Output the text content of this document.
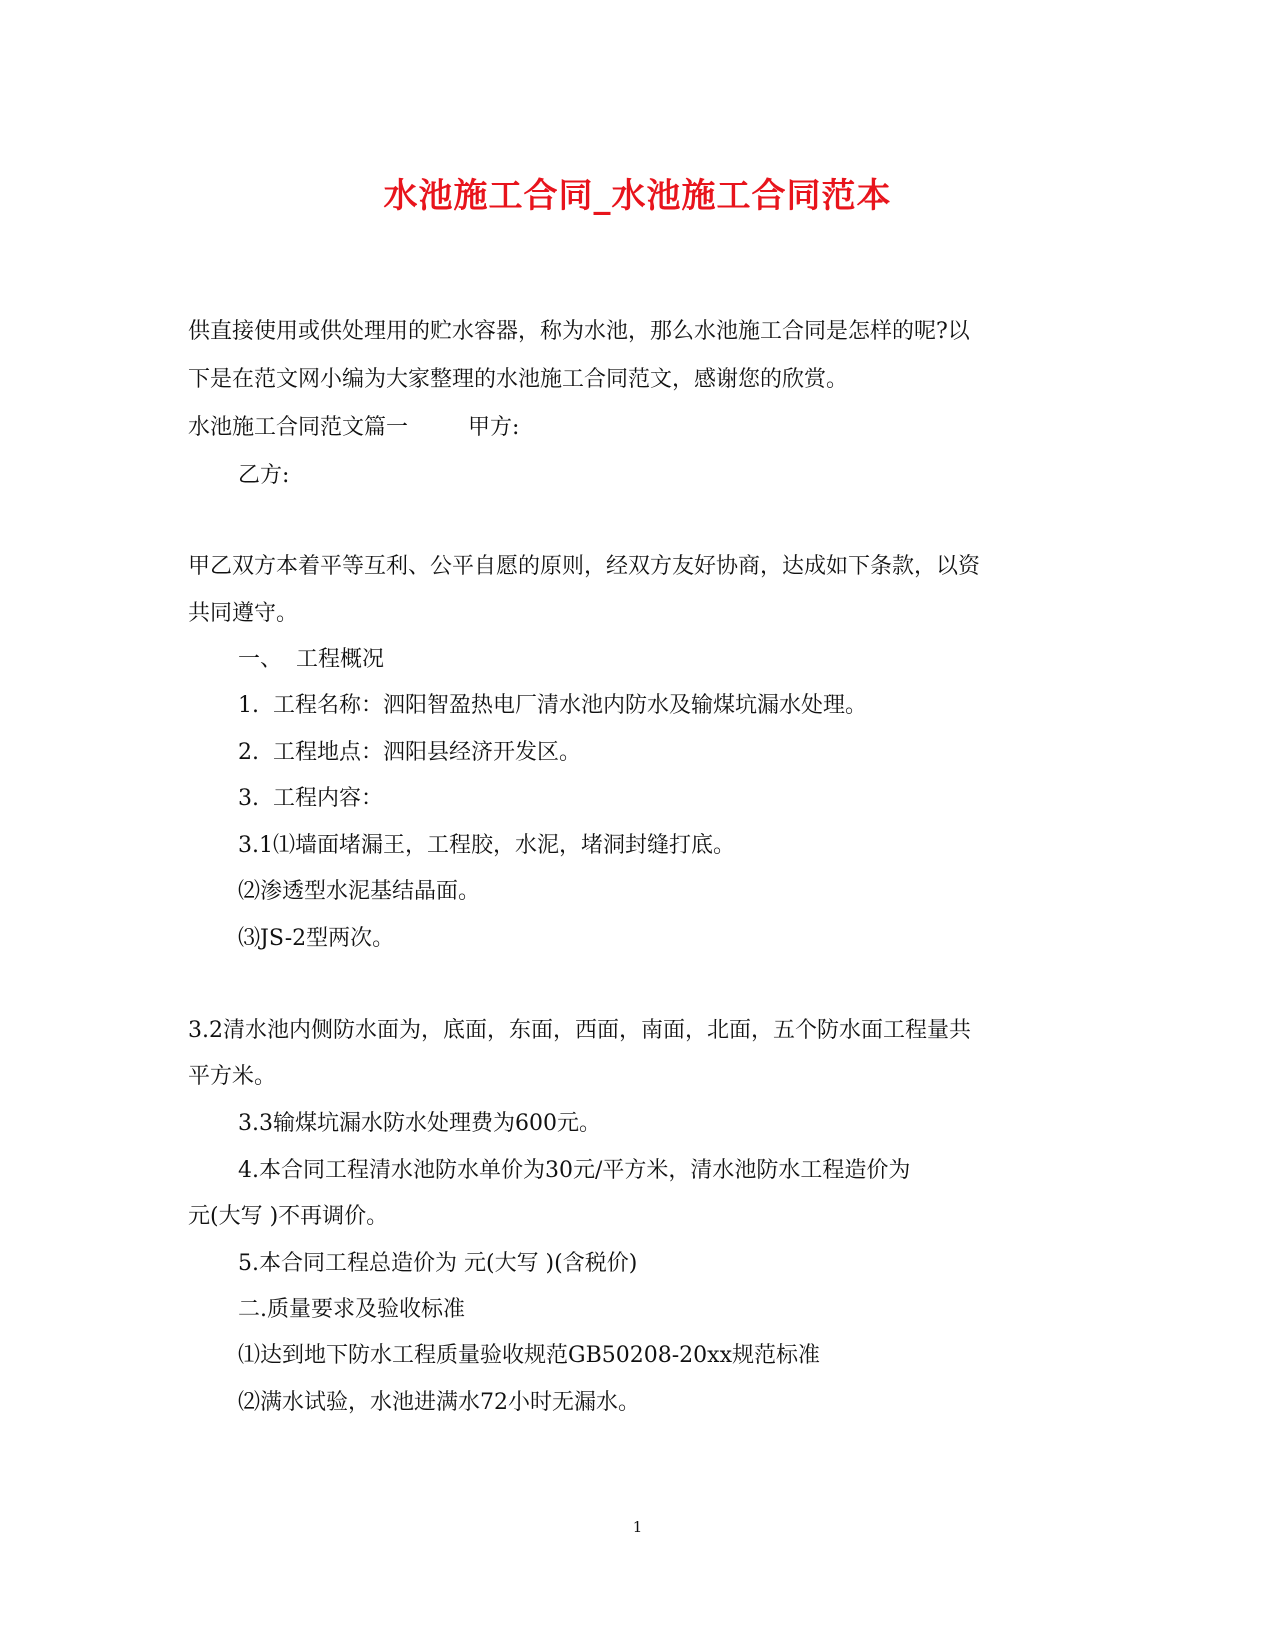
水池施工合同_水池施工合同范本
供直接使用或供处理用的贮水容器，称为水池，那么水池施工合同是怎样的呢?以
下是在范文网小编为大家整理的水池施工合同范文，感谢您的欣赏。
水池施工合同范文篇一	甲方:
乙方:
甲乙双方本着平等互利、公平自愿的原则，经双方友好协商，达成如下条款，以资
共同遵守。
一、 工程概况
1. 工程名称：泗阳智盈热电厂清水池内防水及输煤坑漏水处理。
2. 工程地点：泗阳县经济开发区。
3. 工程内容：
3.1⑴墙面堵漏王，工程胶，水泥，堵洞封缝打底。
⑵渗透型水泥基结晶面。
⑶JS-2型两次。
3.2清水池内侧防水面为，底面，东面，西面，南面，北面，五个防水面工程量共
平方米。
3.3输煤坑漏水防水处理费为600元。
4.本合同工程清水池防水单价为30元/平方米，清水池防水工程造价为
元(大写 )不再调价。
5.本合同工程总造价为 元(大写 )(含税价)
二.质量要求及验收标准
⑴达到地下防水工程质量验收规范GB50208-20xx规范标准
⑵满水试验，水池进满水72小时无漏水。
1
